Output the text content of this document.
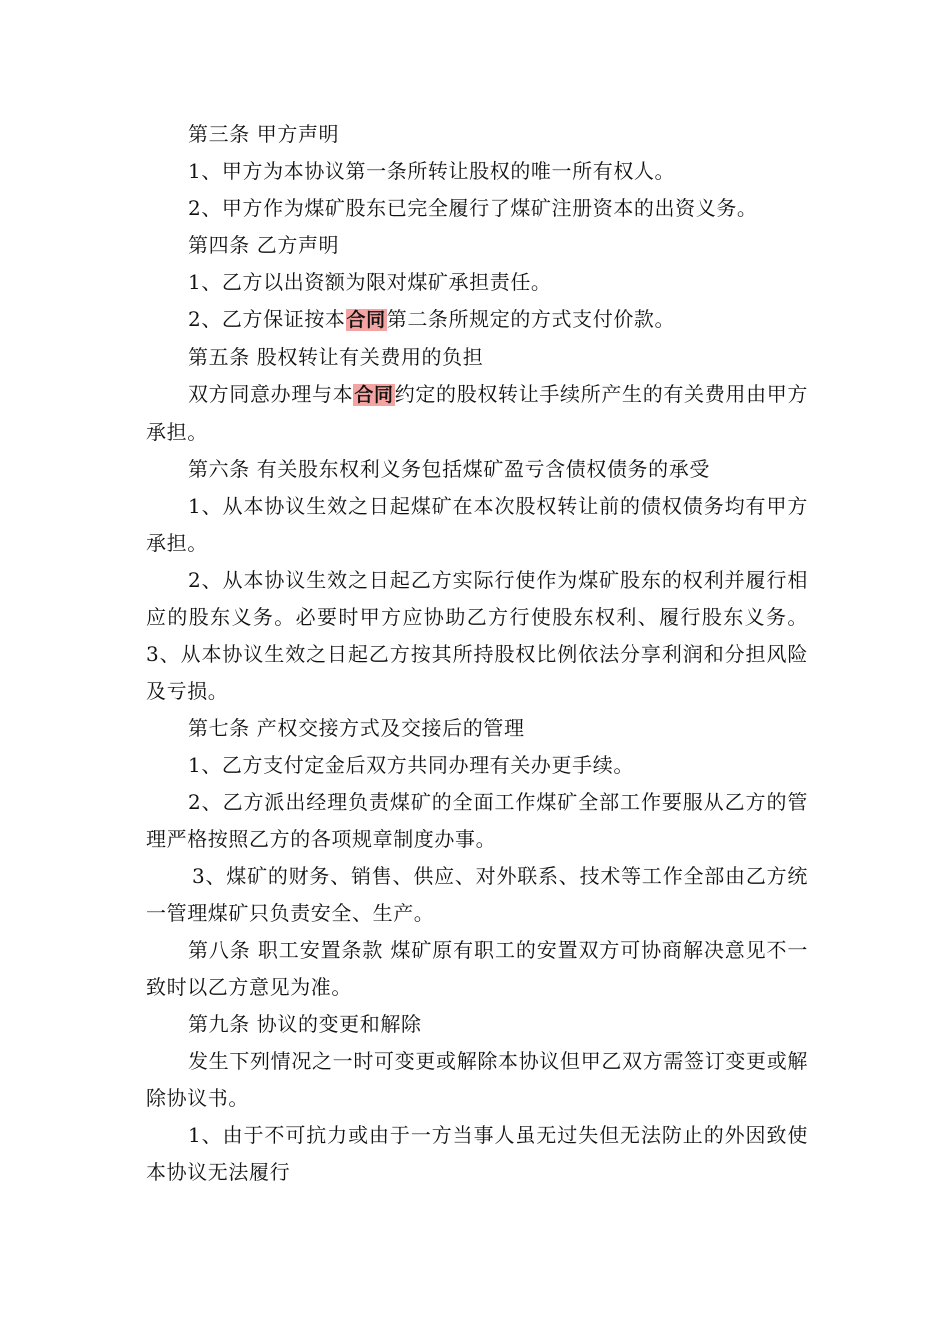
第三条 甲方声明

1、甲方为本协议第一条所转让股权的唯一所有权人。

2、甲方作为煤矿股东已完全履行了煤矿注册资本的出资义务。

第四条 乙方声明

1、乙方以出资额为限对煤矿承担责任。

2、乙方保证按本合同第二条所规定的方式支付价款。

第五条 股权转让有关费用的负担

双方同意办理与本合同约定的股权转让手续所产生的有关费用由甲方承担。

第六条 有关股东权利义务包括煤矿盈亏含债权债务的承受

1、从本协议生效之日起煤矿在本次股权转让前的债权债务均有甲方承担。

2、从本协议生效之日起乙方实际行使作为煤矿股东的权利并履行相应的股东义务。必要时甲方应协助乙方行使股东权利、履行股东义务。 3、从本协议生效之日起乙方按其所持股权比例依法分享利润和分担风险及亏损。

第七条 产权交接方式及交接后的管理

1、乙方支付定金后双方共同办理有关办更手续。

2、乙方派出经理负责煤矿的全面工作煤矿全部工作要服从乙方的管理严格按照乙方的各项规章制度办事。

3、煤矿的财务、销售、供应、对外联系、技术等工作全部由乙方统一管理煤矿只负责安全、生产。

第八条 职工安置条款 煤矿原有职工的安置双方可协商解决意见不一致时以乙方意见为准。

第九条 协议的变更和解除

发生下列情况之一时可变更或解除本协议但甲乙双方需签订变更或解除协议书。

1、由于不可抗力或由于一方当事人虽无过失但无法防止的外因致使本协议无法履行
